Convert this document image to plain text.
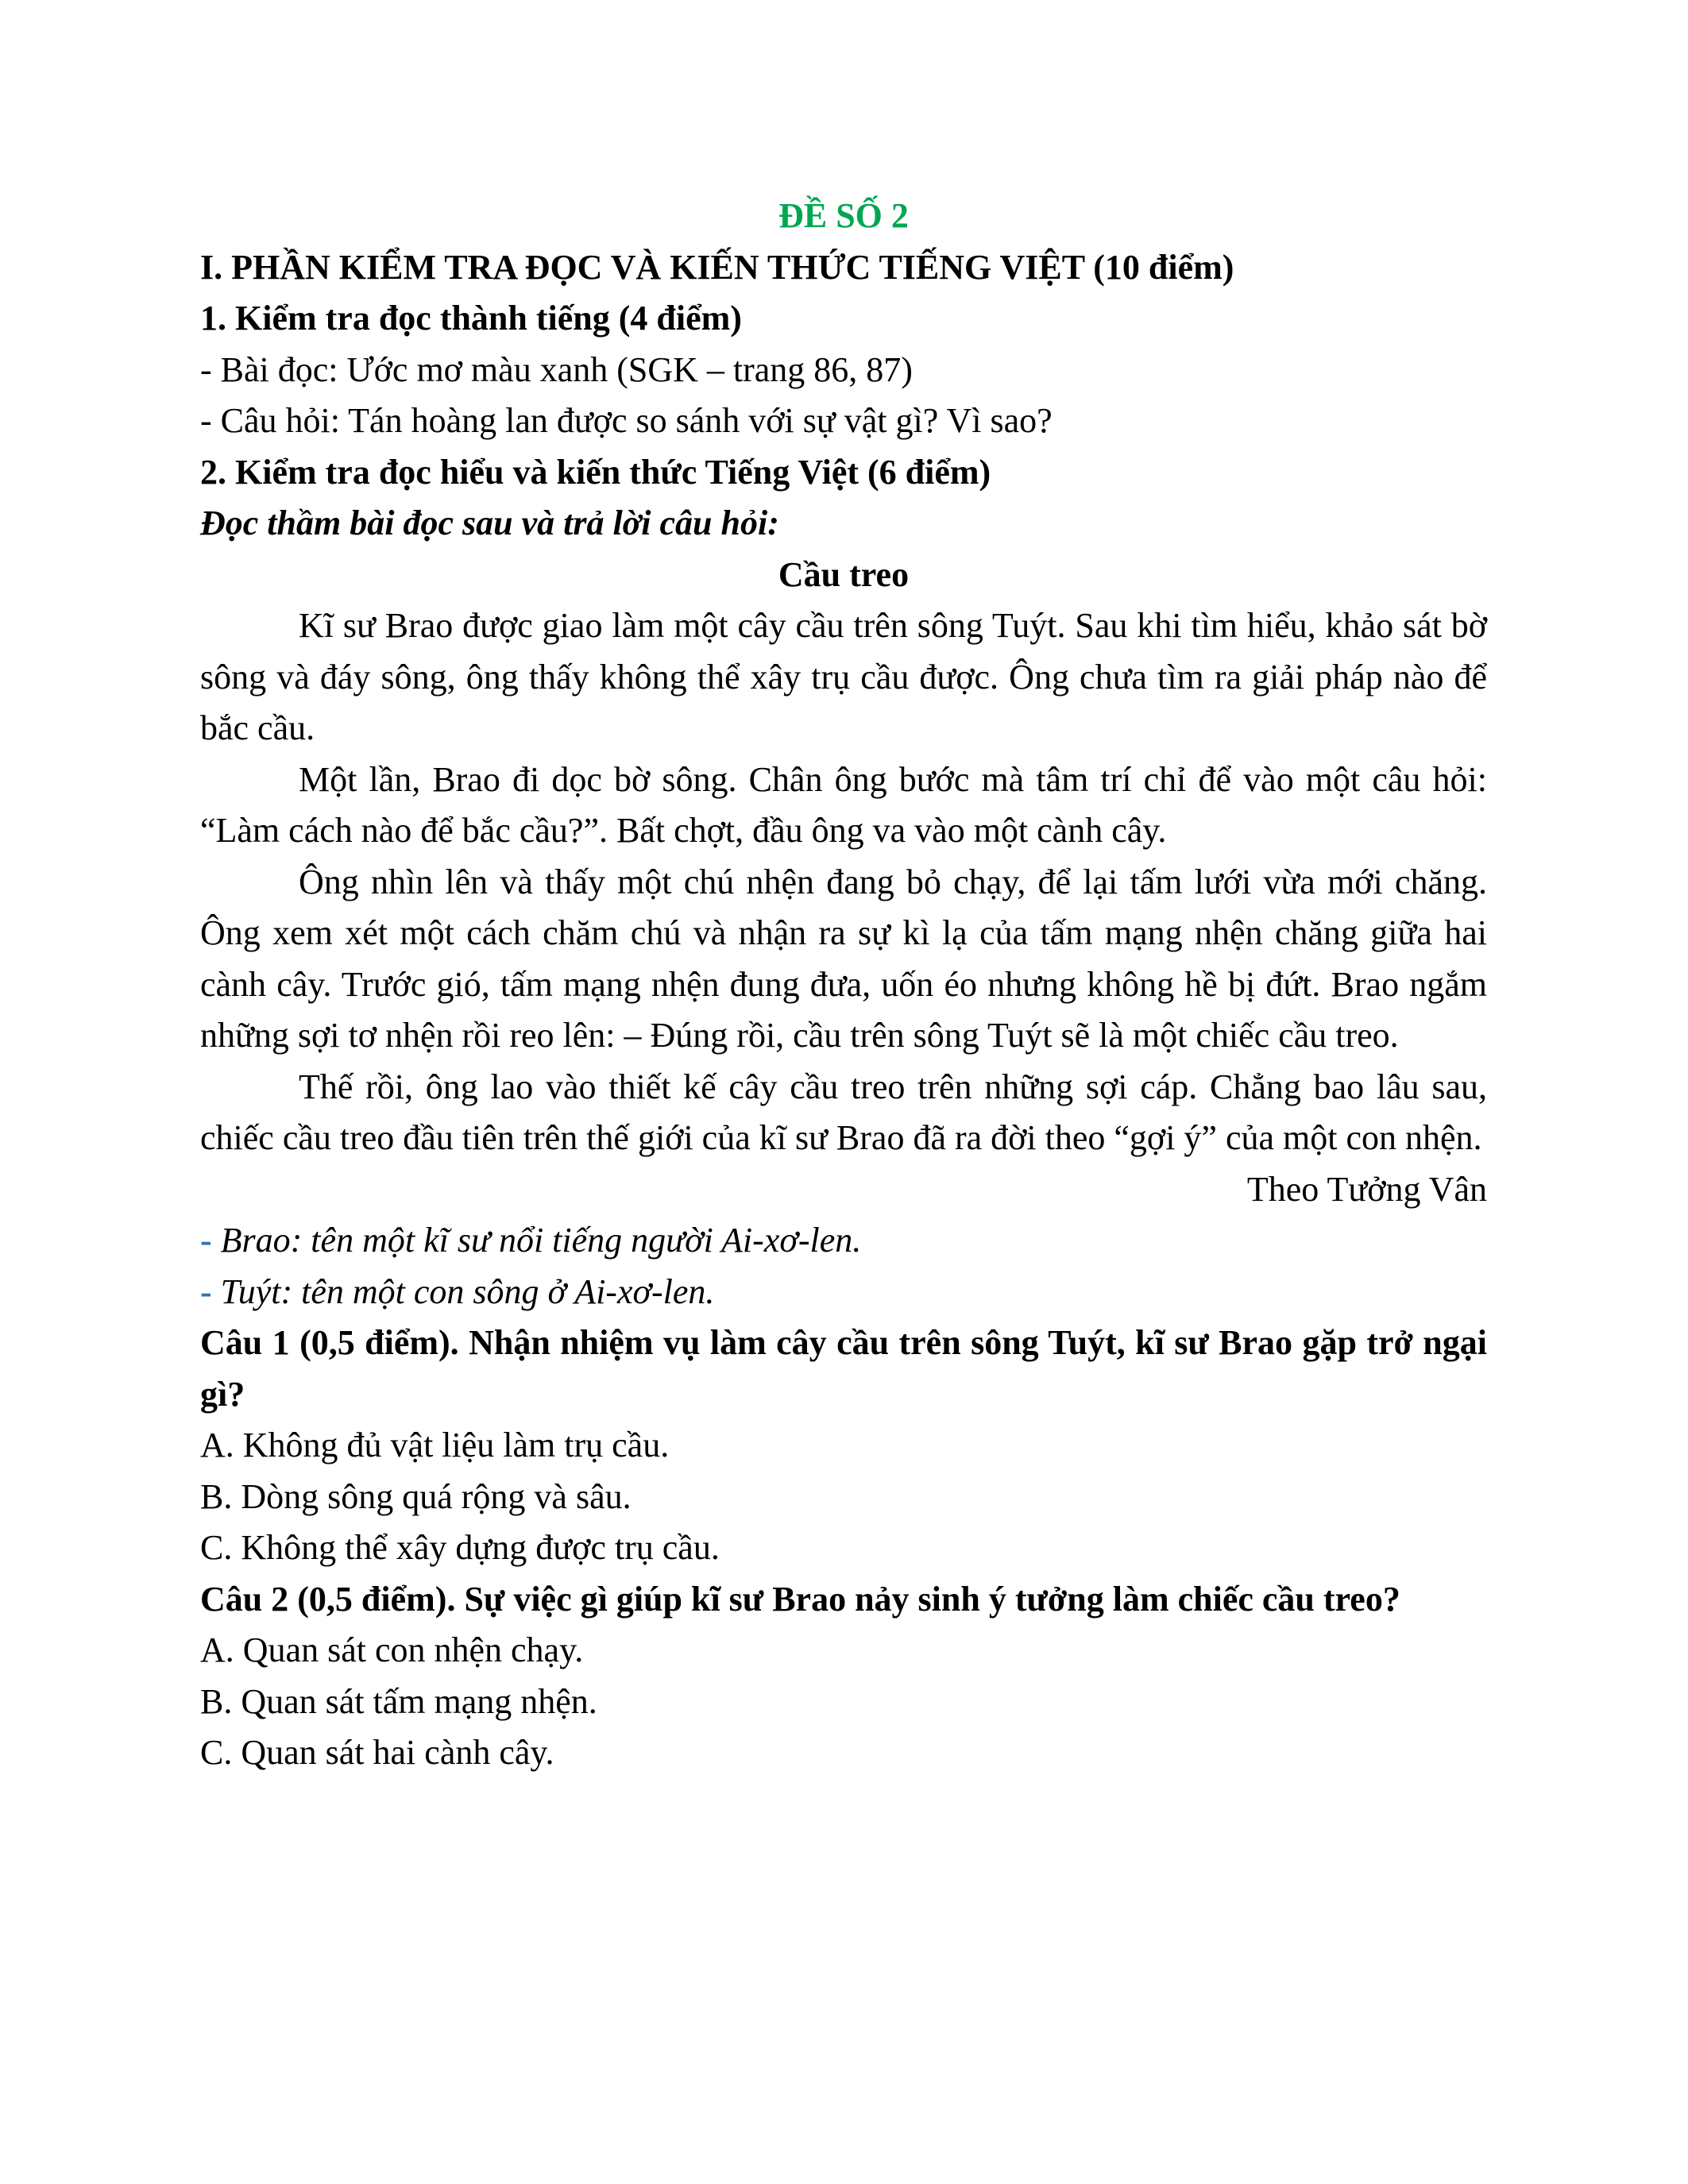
ĐỀ SỐ 2
I. PHẦN KIỂM TRA ĐỌC VÀ KIẾN THỨC TIẾNG VIỆT (10 điểm)
1. Kiểm tra đọc thành tiếng (4 điểm)
- Bài đọc: Ước mơ màu xanh (SGK – trang 86, 87)
- Câu hỏi: Tán hoàng lan được so sánh với sự vật gì? Vì sao?
2. Kiểm tra đọc hiểu và kiến thức Tiếng Việt (6 điểm)
Đọc thầm bài đọc sau và trả lời câu hỏi:
Cầu treo

Kĩ sư Brao được giao làm một cây cầu trên sông Tuýt. Sau khi tìm hiểu, khảo sát bờ sông và đáy sông, ông thấy không thể xây trụ cầu được. Ông chưa tìm ra giải pháp nào để bắc cầu.

Một lần, Brao đi dọc bờ sông. Chân ông bước mà tâm trí chỉ để vào một câu hỏi: “Làm cách nào để bắc cầu?”. Bất chợt, đầu ông va vào một cành cây.

Ông nhìn lên và thấy một chú nhện đang bỏ chạy, để lại tấm lưới vừa mới chăng. Ông xem xét một cách chăm chú và nhận ra sự kì lạ của tấm mạng nhện chăng giữa hai cành cây. Trước gió, tấm mạng nhện đung đưa, uốn éo nhưng không hề bị đứt. Brao ngắm những sợi tơ nhện rồi reo lên: – Đúng rồi, cầu trên sông Tuýt sẽ là một chiếc cầu treo.

Thế rồi, ông lao vào thiết kế cây cầu treo trên những sợi cáp. Chẳng bao lâu sau, chiếc cầu treo đầu tiên trên thế giới của kĩ sư Brao đã ra đời theo “gợi ý” của một con nhện.

Theo Tưởng Vân
- Brao: tên một kĩ sư nổi tiếng người Ai-xơ-len.
- Tuýt: tên một con sông ở Ai-xơ-len.

Câu 1 (0,5 điểm). Nhận nhiệm vụ làm cây cầu trên sông Tuýt, kĩ sư Brao gặp trở ngại gì?

A. Không đủ vật liệu làm trụ cầu.
B. Dòng sông quá rộng và sâu.
C. Không thể xây dựng được trụ cầu.

Câu 2 (0,5 điểm). Sự việc gì giúp kĩ sư Brao nảy sinh ý tưởng làm chiếc cầu treo?

A. Quan sát con nhện chạy.
B. Quan sát tấm mạng nhện.
C. Quan sát hai cành cây.
